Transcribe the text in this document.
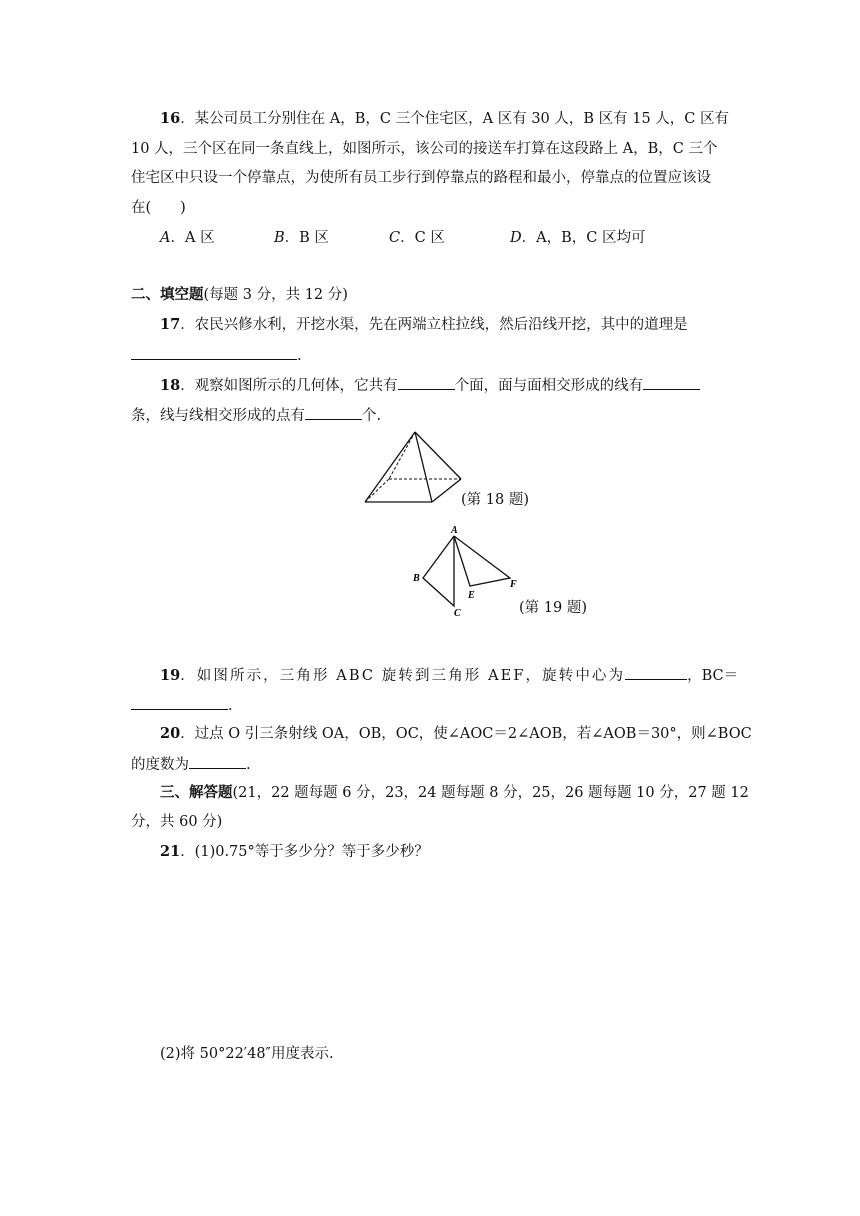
16．某公司员工分别住在 A，B，C 三个住宅区，A 区有 30 人，B 区有 15 人，C 区有
10 人，三个区在同一条直线上，如图所示，该公司的接送车打算在这段路上 A，B，C 三个
住宅区中只设一个停靠点，为使所有员工步行到停靠点的路程和最小，停靠点的位置应该设
在(　　)
A．A 区	B．B 区	C．C 区	D．A，B，C 区均可
二、填空题(每题 3 分，共 12 分)
17．农民兴修水利，开挖水渠，先在两端立柱拉线，然后沿线开挖，其中的道理是
.
18．观察如图所示的几何体，它共有	个面，面与面相交形成的线有
条，线与线相交形成的点有	个.
(第 18 题)
A
B
C
E
F
(第 19 题)
19．如图所示，三角形 ABC 旋转到三角形 AEF，旋转中心为	，BC＝
.
20．过点 O 引三条射线 OA，OB，OC，使∠AOC＝2∠AOB，若∠AOB＝30°，则∠BOC
的度数为	.
三、解答题(21，22 题每题 6 分，23，24 题每题 8 分，25，26 题每题 10 分，27 题 12
分，共 60 分)
21．(1)0.75°等于多少分？等于多少秒？
(2)将 50°22′48″用度表示.
